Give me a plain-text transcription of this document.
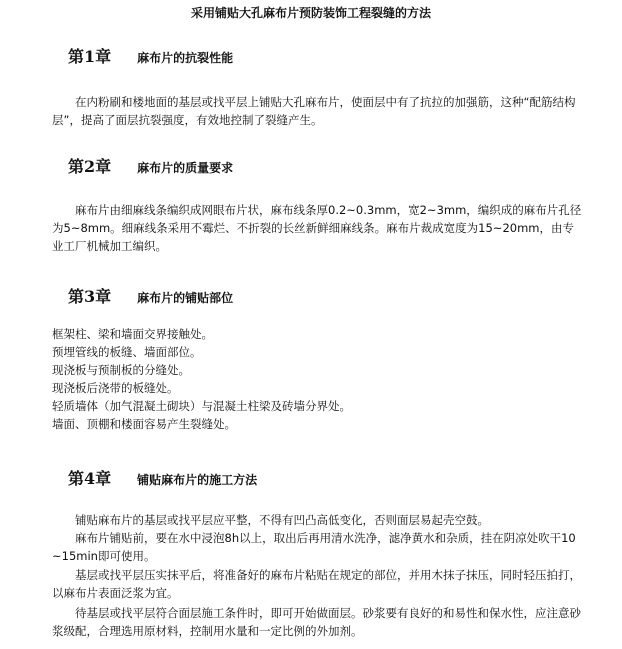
采用铺贴大孔麻布片预防装饰工程裂缝的方法
第1章 麻布片的抗裂性能
在内粉刷和楼地面的基层或找平层上铺贴大孔麻布片，使面层中有了抗拉的加强筋，这种“配筋结构层”，提高了面层抗裂强度，有效地控制了裂缝产生。
第2章 麻布片的质量要求
麻布片由细麻线条编织成网眼布片状，麻布线条厚0.2~0.3mm，宽2~3mm，编织成的麻布片孔径为5~8mm。细麻线条采用不霉烂、不折裂的长丝新鲜细麻线条。麻布片裁成宽度为15~20mm，由专业工厂机械加工编织。
第3章 麻布片的铺贴部位
框架柱、梁和墙面交界接触处。
预埋管线的板缝、墙面部位。
现浇板与预制板的分缝处。
现浇板后浇带的板缝处。
轻质墙体（加气混凝土砌块）与混凝土柱梁及砖墙分界处。
墙面、顶棚和楼面容易产生裂缝处。
第4章 铺贴麻布片的施工方法
铺贴麻布片的基层或找平层应平整，不得有凹凸高低变化，否则面层易起壳空鼓。
麻布片铺贴前，要在水中浸泡8h以上，取出后再用清水洗净，滤净黄水和杂质，挂在阴凉处吹干10~15min即可使用。
基层或找平层压实抹平后，将准备好的麻布片粘贴在规定的部位，并用木抹子抹压，同时轻压拍打，以麻布片表面泛浆为宜。
待基层或找平层符合面层施工条件时，即可开始做面层。砂浆要有良好的和易性和保水性，应注意砂浆级配，合理选用原材料，控制用水量和一定比例的外加剂。
